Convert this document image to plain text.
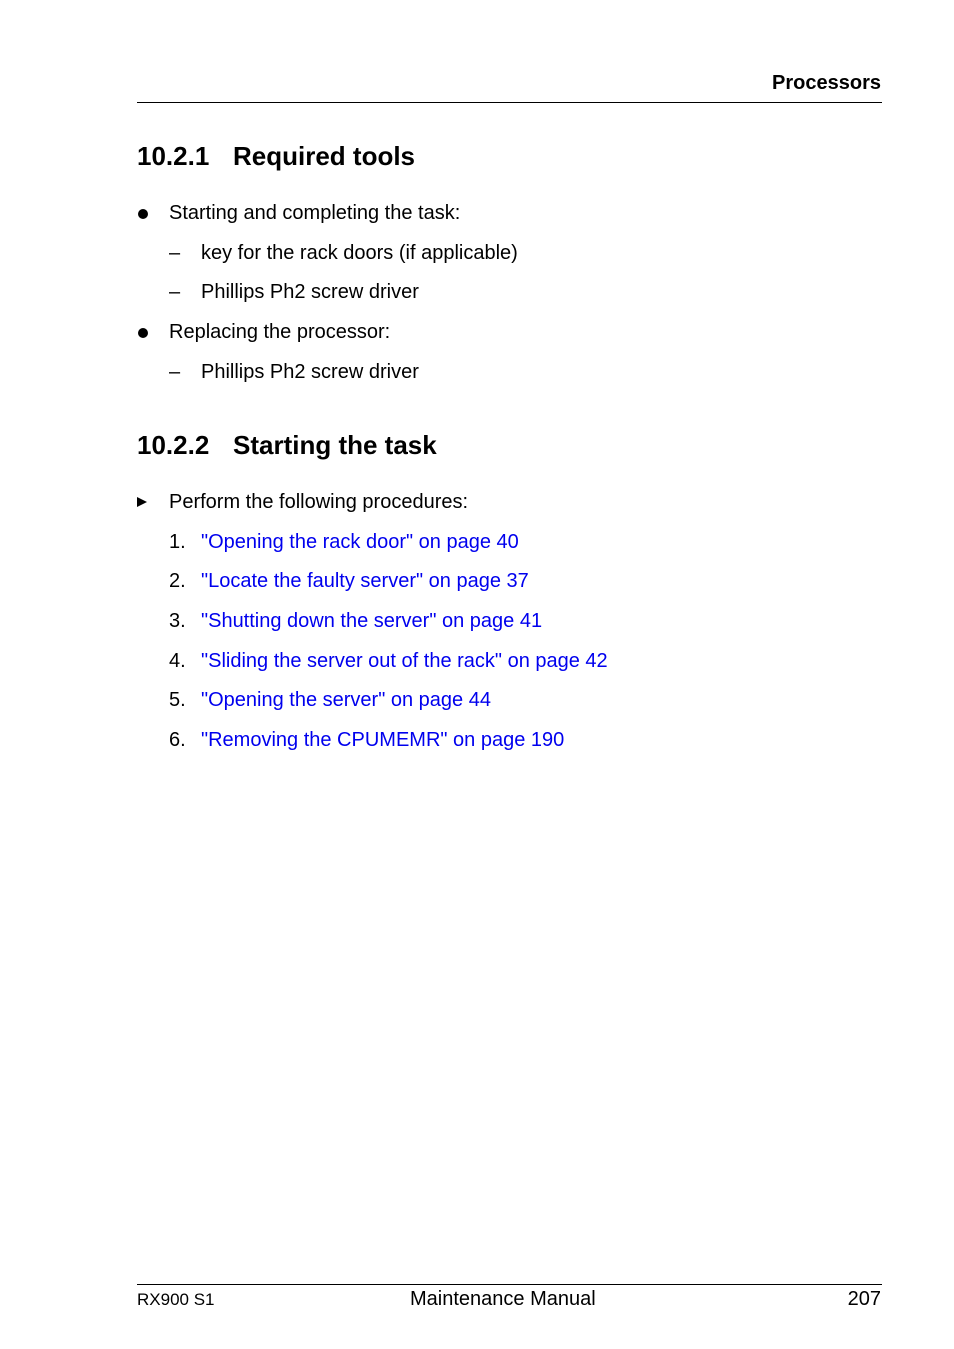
Processors
10.2.1 Required tools
Starting and completing the task:
– key for the rack doors (if applicable)
– Phillips Ph2 screw driver
Replacing the processor:
– Phillips Ph2 screw driver
10.2.2 Starting the task
Perform the following procedures:
1. "Opening the rack door" on page 40
2. "Locate the faulty server" on page 37
3. "Shutting down the server" on page 41
4. "Sliding the server out of the rack" on page 42
5. "Opening the server" on page 44
6. "Removing the CPUMEMR" on page 190
RX900 S1	Maintenance Manual	207
